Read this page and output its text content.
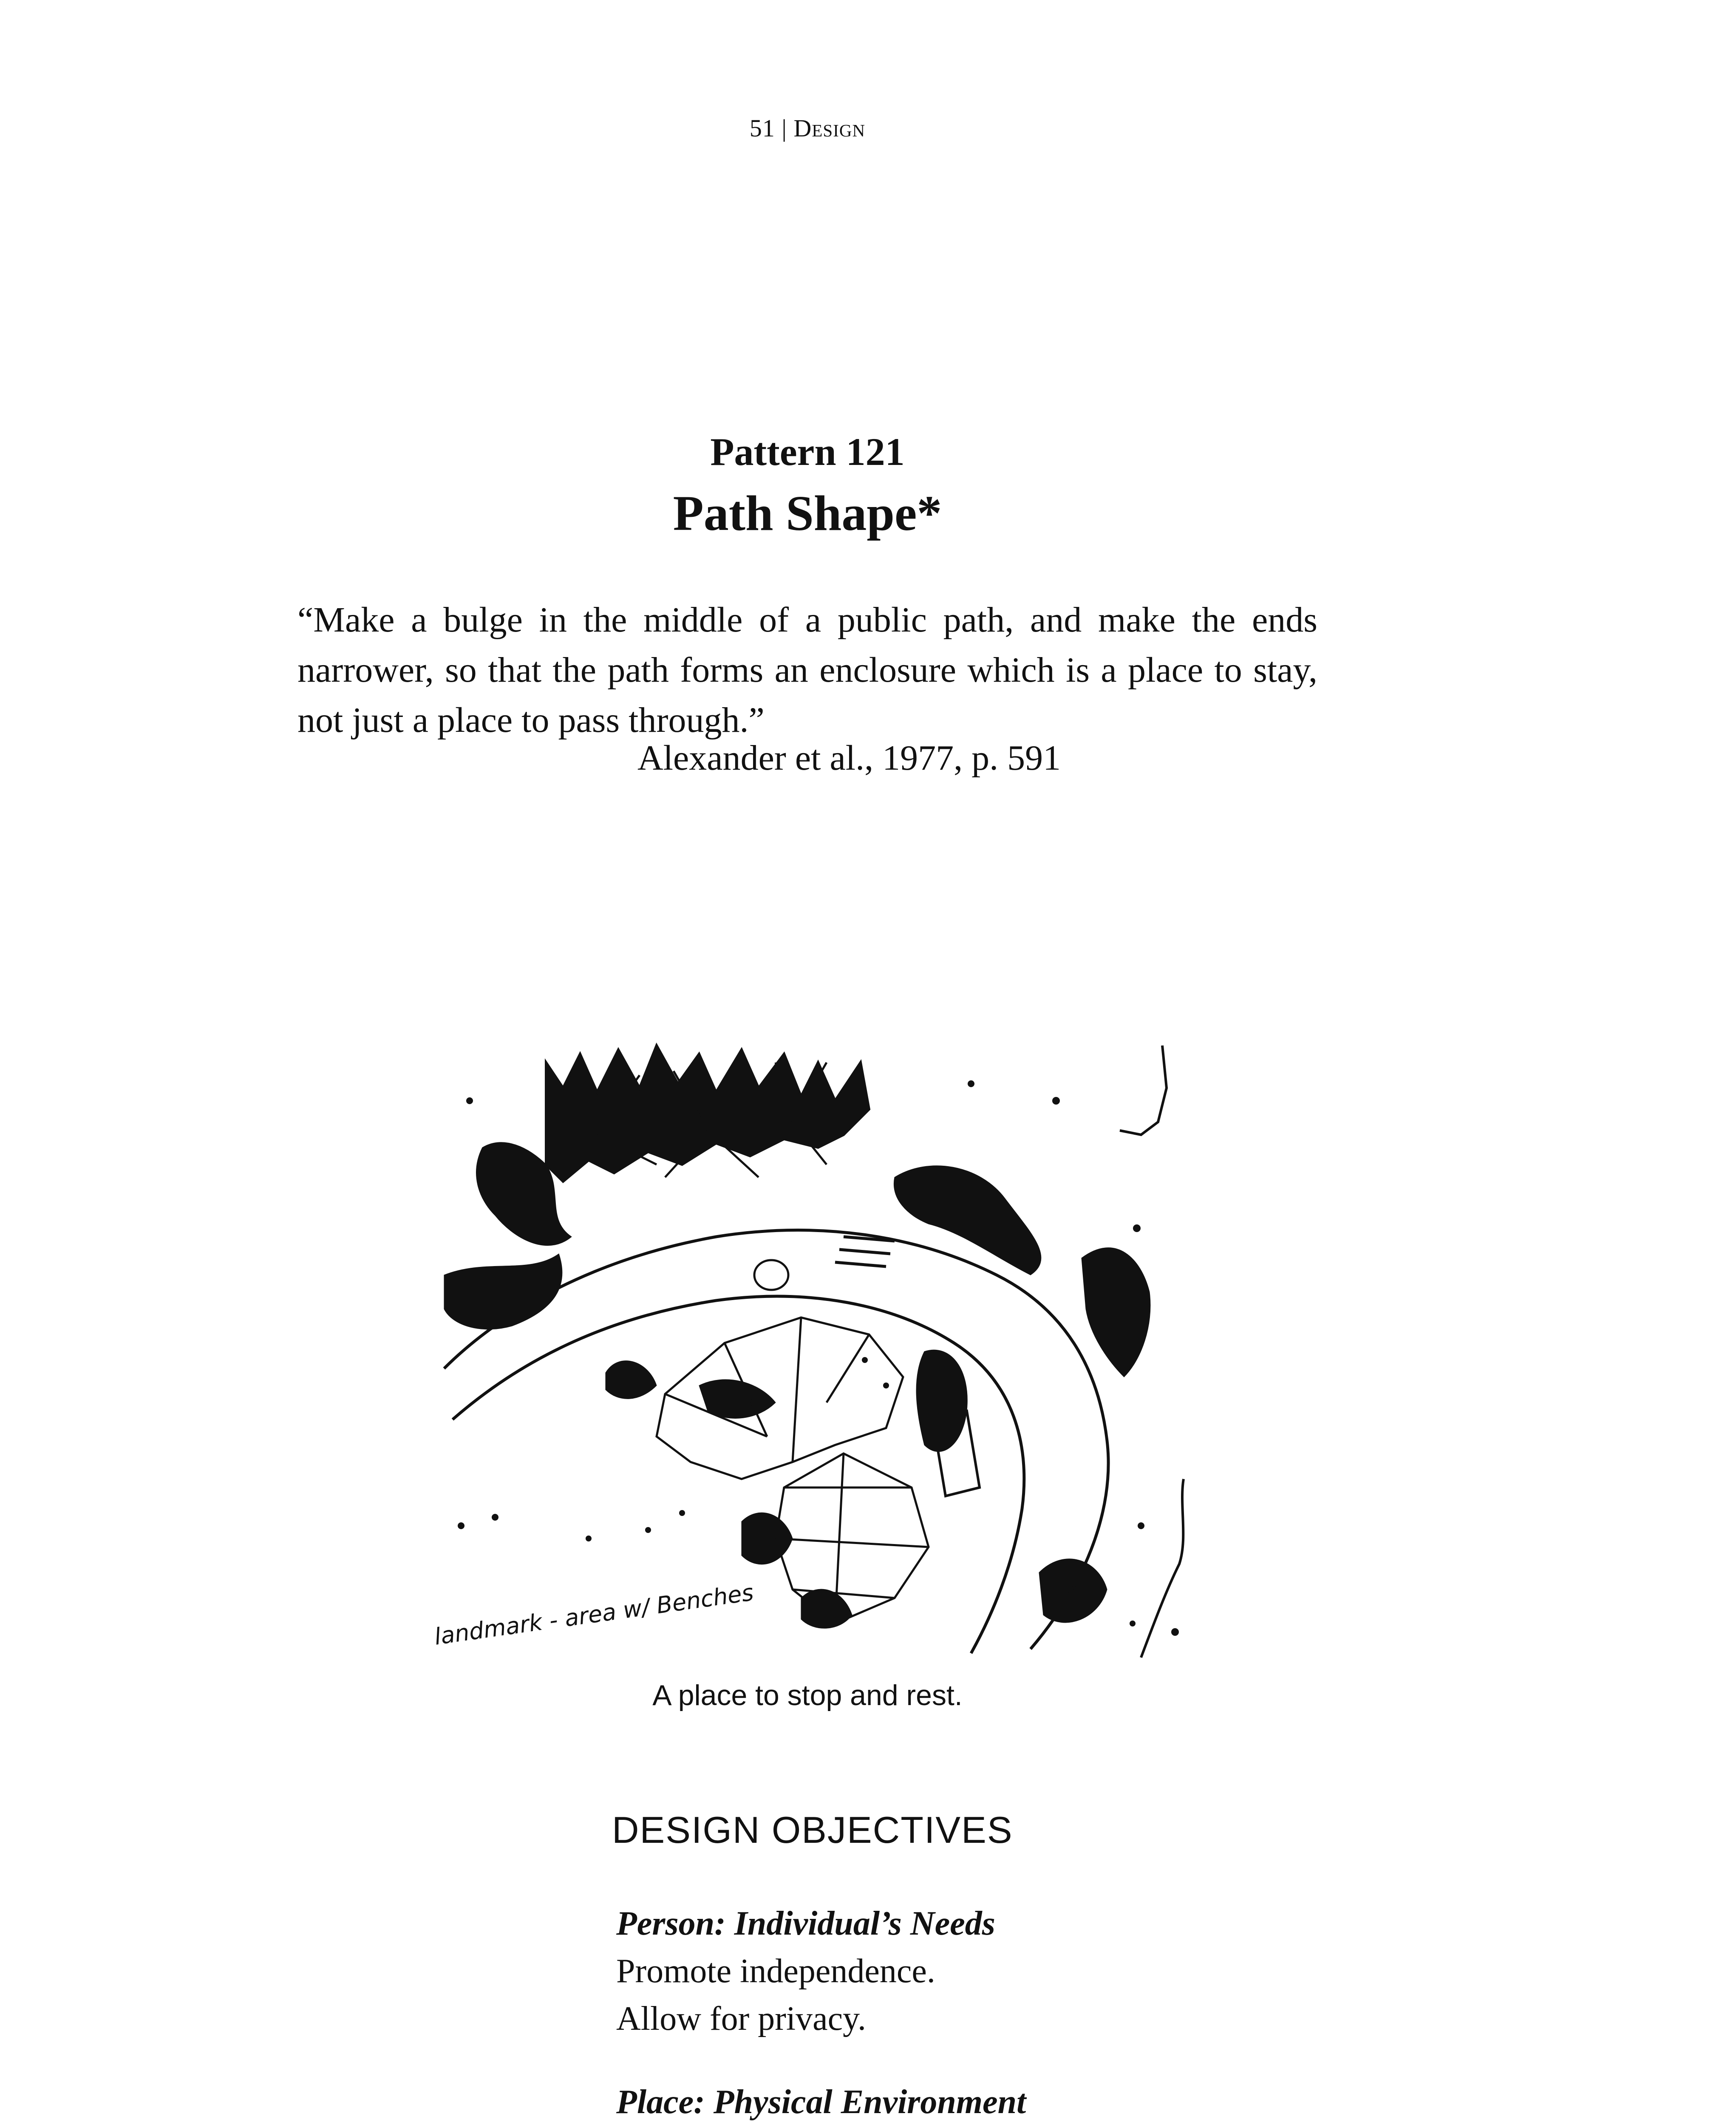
51 | Design
Pattern 121
Path Shape*
“Make a bulge in the middle of a public path, and make the ends narrower, so that the path forms an enclosure which is a place to stay, not just a place to pass through.”
Alexander et al., 1977, p. 591
landmark - area w/ Benches
A place to stop and rest.
DESIGN OBJECTIVES
Person: Individual’s Needs
Promote independence.
Allow for privacy.
Place: Physical Environment
